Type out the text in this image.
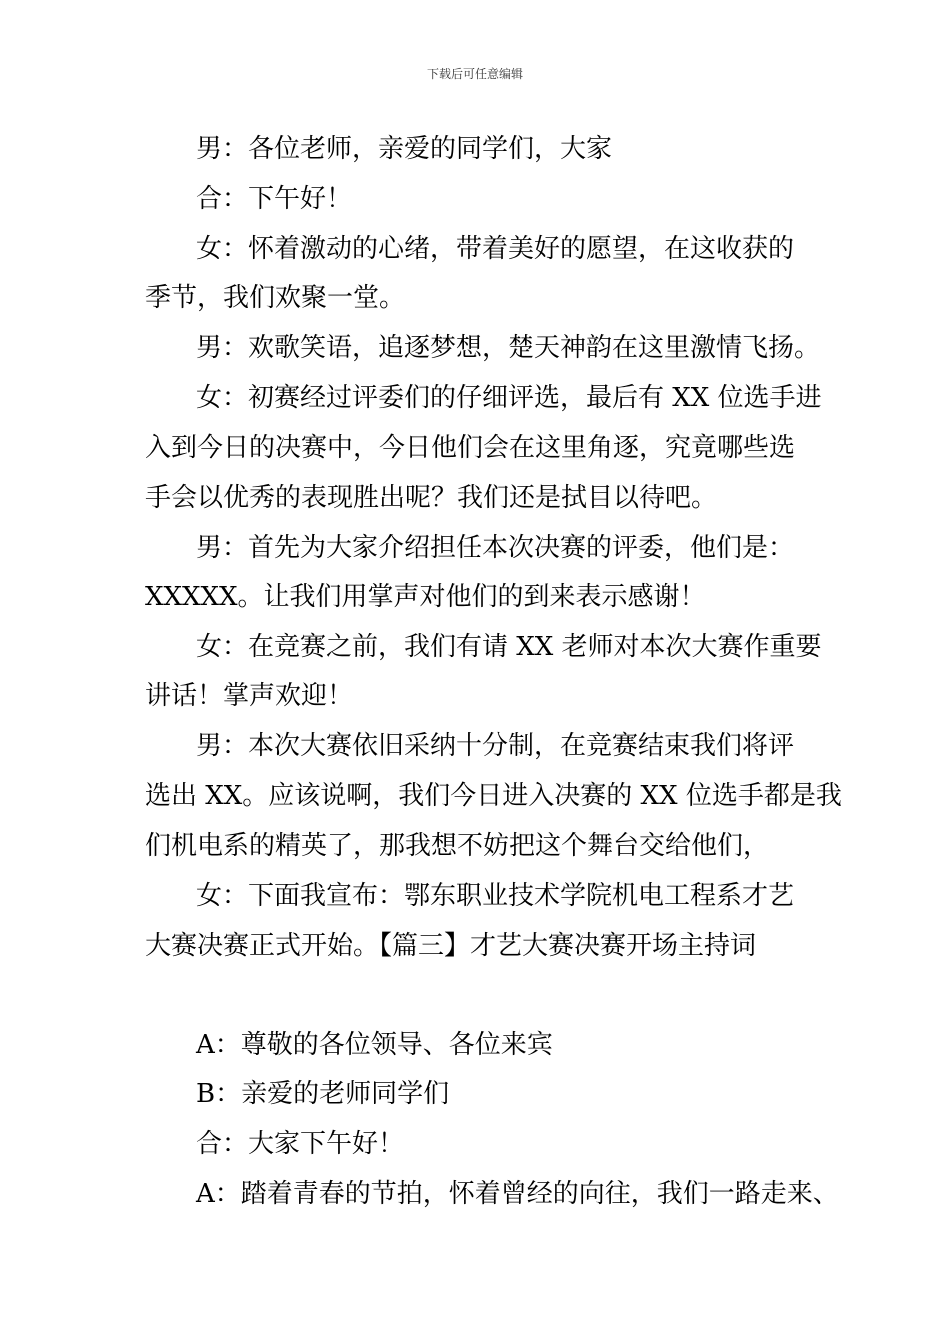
下载后可任意编辑
男：各位老师，亲爱的同学们，大家
合：下午好！
女：怀着激动的心绪，带着美好的愿望，在这收获的
季节，我们欢聚一堂。
男：欢歌笑语，追逐梦想，楚天神韵在这里激情飞扬。
女：初赛经过评委们的仔细评选，最后有 XX 位选手进
入到今日的决赛中，今日他们会在这里角逐，究竟哪些选
手会以优秀的表现胜出呢？我们还是拭目以待吧。
男：首先为大家介绍担任本次决赛的评委，他们是：
XXXXX。让我们用掌声对他们的到来表示感谢！
女：在竞赛之前，我们有请 XX 老师对本次大赛作重要
讲话！掌声欢迎！
男：本次大赛依旧采纳十分制，在竞赛结束我们将评
选出 XX。应该说啊，我们今日进入决赛的 XX 位选手都是我
们机电系的精英了，那我想不妨把这个舞台交给他们，
女：下面我宣布：鄂东职业技术学院机电工程系才艺
大赛决赛正式开始。【篇三】才艺大赛决赛开场主持词
A：尊敬的各位领导、各位来宾
B：亲爱的老师同学们
合：大家下午好！
A：踏着青春的节拍，怀着曾经的向往，我们一路走来、
